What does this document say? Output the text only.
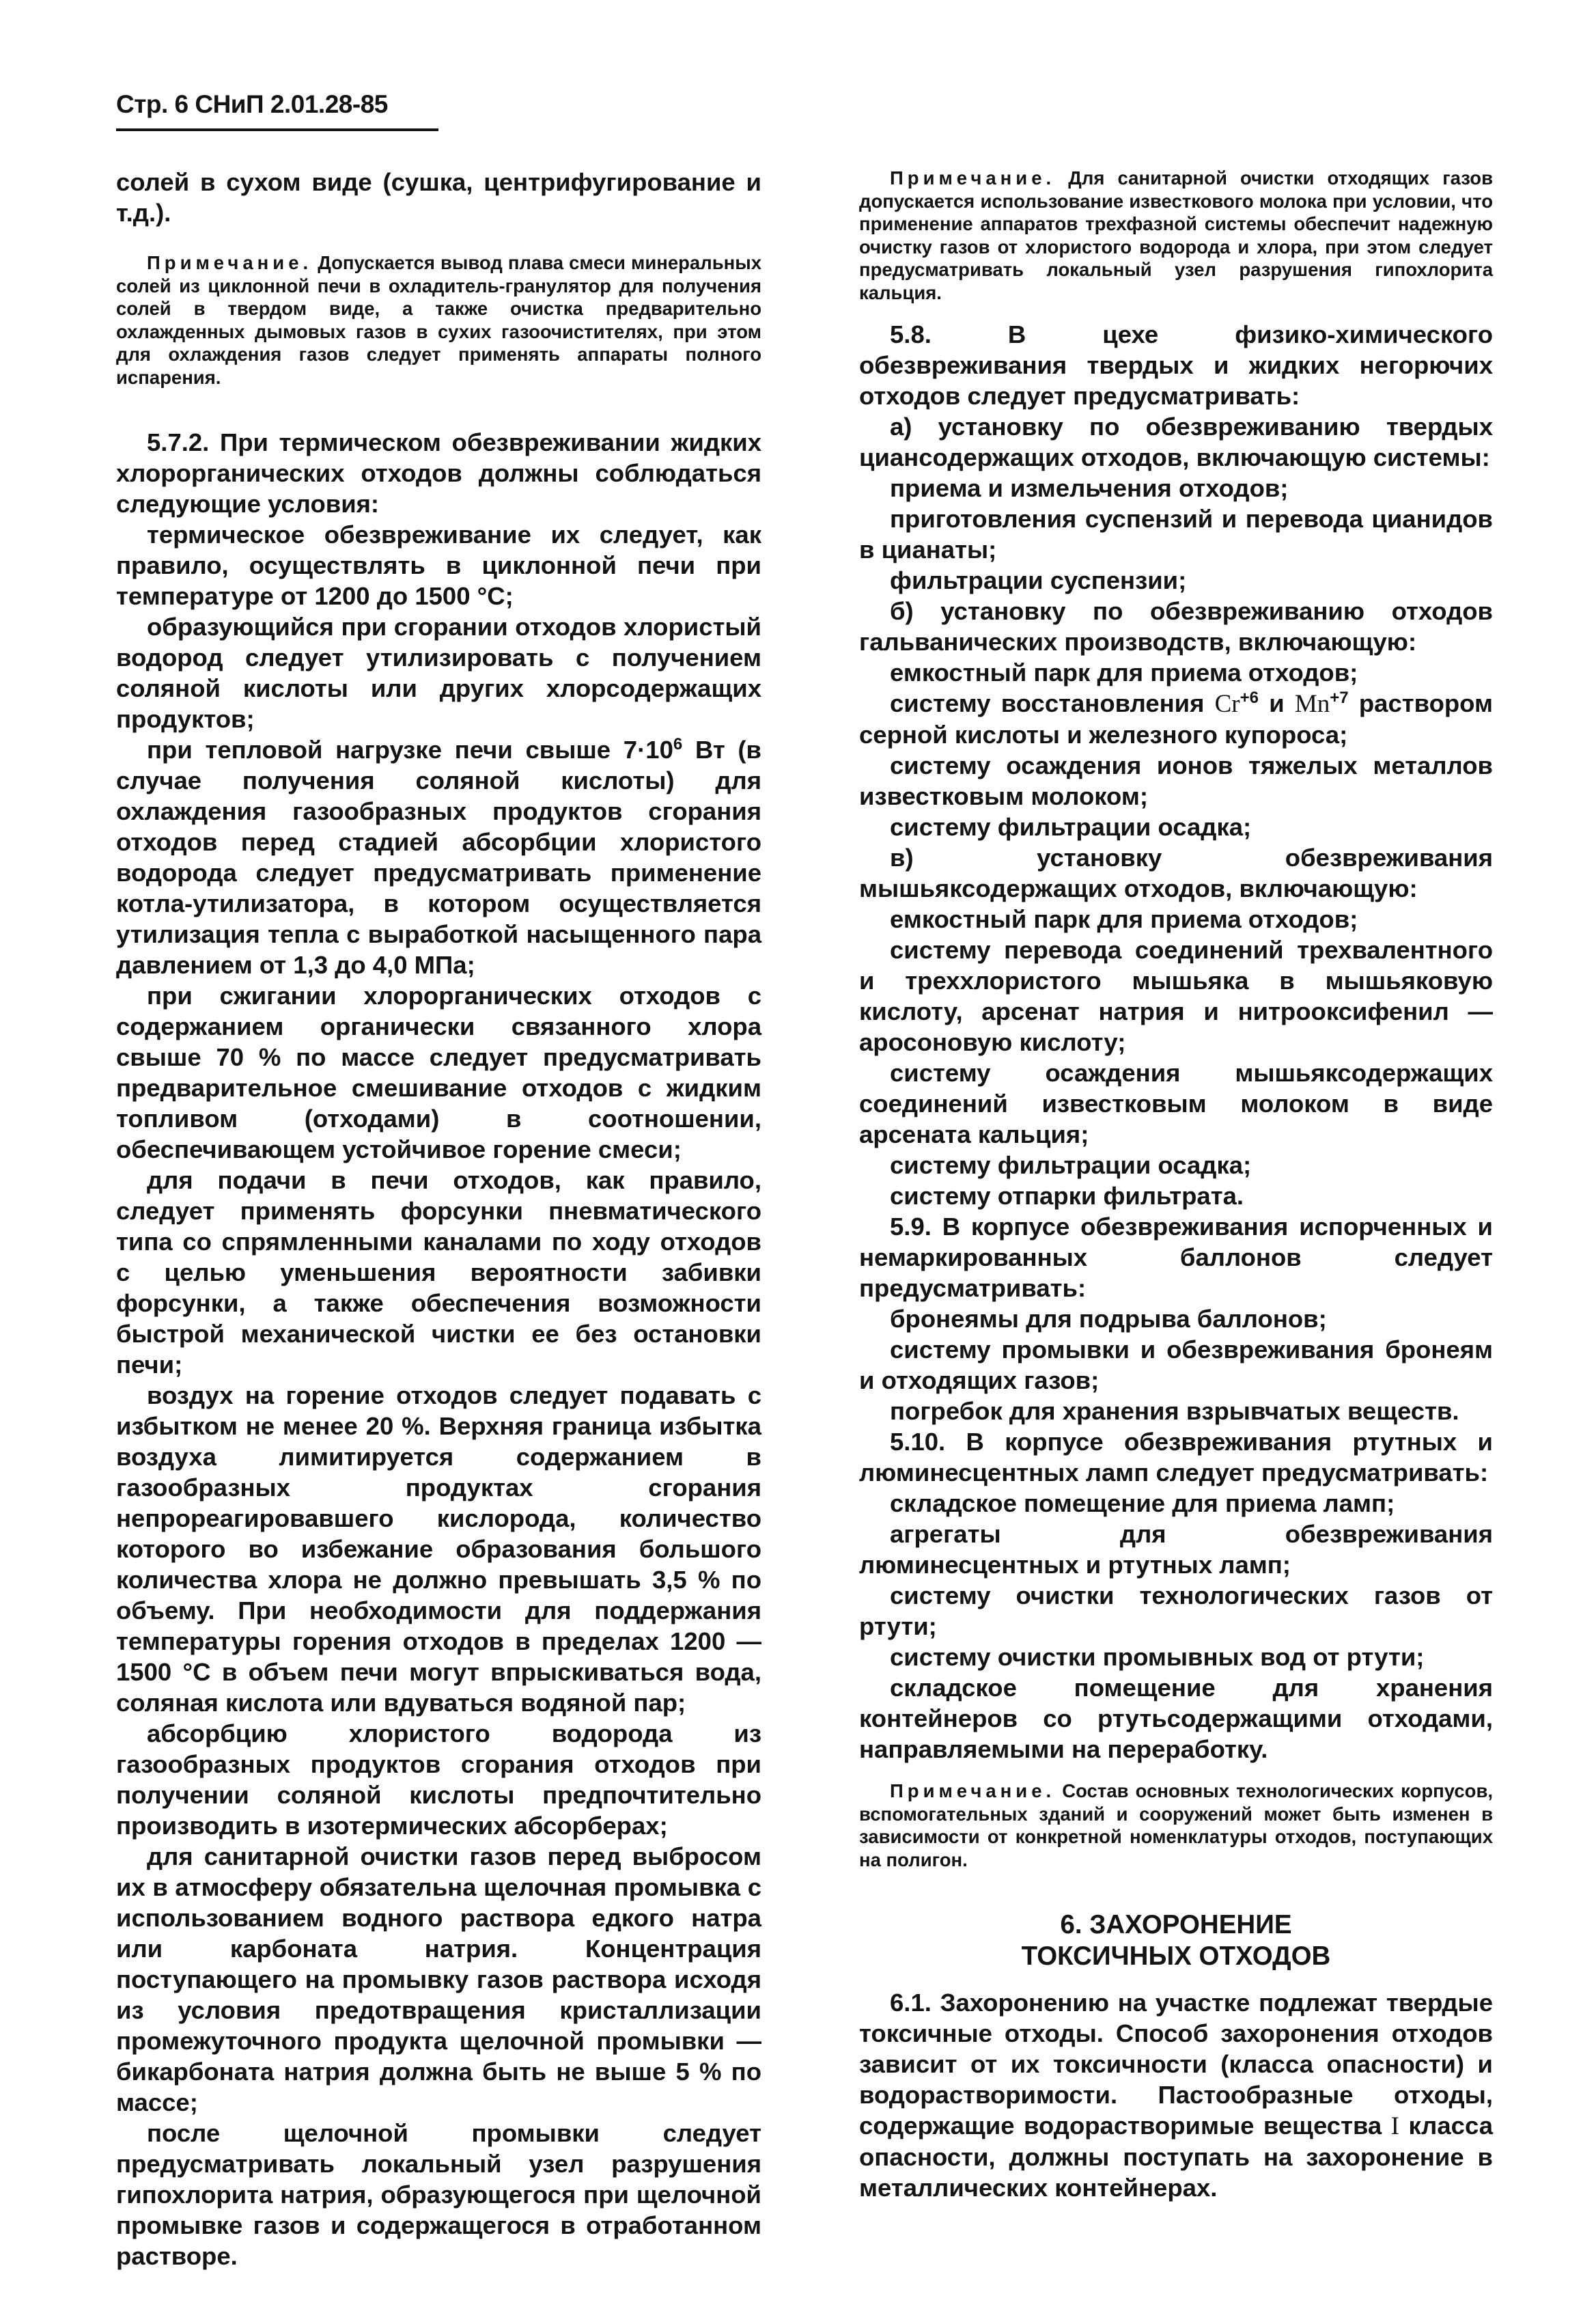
Стр. 6 СНиП 2.01.28-85

солей в сухом виде (сушка, центрифугирование и т.д.).

Примечание. Допускается вывод плава смеси минеральных солей из циклонной печи в охладитель-гранулятор для получения солей в твердом виде, а также очистка предварительно охлажденных дымовых газов в сухих газоочистителях, при этом для охлаждения газов следует применять аппараты полного испарения.

5.7.2. При термическом обезвреживании жидких хлорорганических отходов должны соблюдаться следующие условия:

термическое обезвреживание их следует, как правило, осуществлять в циклонной печи при температуре от 1200 до 1500 °С;

образующийся при сгорании отходов хлористый водород следует утилизировать с получением соляной кислоты или других хлорсодержащих продуктов;

при тепловой нагрузке печи свыше $7\cdot 10^6$ Вт (в случае получения соляной кислоты) для охлаждения газообразных продуктов сгорания отходов перед стадией абсорбции хлористого водорода следует предусматривать применение котла-утилизатора, в котором осуществляется утилизация тепла с выработкой насыщенного пара давлением от 1,3 до 4,0 МПа;

при сжигании хлорорганических отходов с содержанием органически связанного хлора свыше 70 % по массе следует предусматривать предварительное смешивание отходов с жидким топливом (отходами) в соотношении, обеспечивающем устойчивое горение смеси;

для подачи в печи отходов, как правило, следует применять форсунки пневматического типа со спрямленными каналами по ходу отходов с целью уменьшения вероятности забивки форсунки, а также обеспечения возможности быстрой механической чистки ее без остановки печи;

воздух на горение отходов следует подавать с избытком не менее 20 %. Верхняя граница избытка воздуха лимитируется содержанием в газообразных продуктах сгорания непрореагировавшего кислорода, количество которого во избежание образования большого количества хлора не должно превышать 3,5 % по объему. При необходимости для поддержания температуры горения отходов в пределах 1200 — 1500 °С в объем печи могут впрыскиваться вода, соляная кислота или вдуваться водяной пар;

абсорбцию хлористого водорода из газообразных продуктов сгорания отходов при получении соляной кислоты предпочтительно производить в изотермических абсорберах;

для санитарной очистки газов перед выбросом их в атмосферу обязательна щелочная промывка с использованием водного раствора едкого натра или карбоната натрия. Концентрация поступающего на промывку газов раствора исходя из условия предотвращения кристаллизации промежуточного продукта щелочной промывки — бикарбоната натрия должна быть не выше 5 % по массе;

после щелочной промывки следует предусматривать локальный узел разрушения гипохлорита натрия, образующегося при щелочной промывке газов и содержащегося в отработанном растворе.

Примечание. Для санитарной очистки отходящих газов допускается использование известкового молока при условии, что применение аппаратов трехфазной системы обеспечит надежную очистку газов от хлористого водорода и хлора, при этом следует предусматривать локальный узел разрушения гипохлорита кальция.

5.8. В цехе физико-химического обезвреживания твердых и жидких негорючих отходов следует предусматривать:

а) установку по обезвреживанию твердых циансодержащих отходов, включающую системы:

приема и измельчения отходов;

приготовления суспензий и перевода цианидов в цианаты;

фильтрации суспензии;

б) установку по обезвреживанию отходов гальванических производств, включающую:

емкостный парк для приема отходов;

систему восстановления $Cr^{+6}$ и $Mn^{+7}$ раствором серной кислоты и железного купороса;

систему осаждения ионов тяжелых металлов известковым молоком;

систему фильтрации осадка;

в) установку обезвреживания мышьяксодержащих отходов, включающую:

емкостный парк для приема отходов;

систему перевода соединений трехвалентного и треххлористого мышьяка в мышьяковую кислоту, арсенат натрия и нитрооксифенил — аросоновую кислоту;

систему осаждения мышьяксодержащих соединений известковым молоком в виде арсената кальция;

систему фильтрации осадка;

систему отпарки фильтрата.

5.9. В корпусе обезвреживания испорченных и немаркированных баллонов следует предусматривать:

бронеямы для подрыва баллонов;

систему промывки и обезвреживания бронеям и отходящих газов;

погребок для хранения взрывчатых веществ.

5.10. В корпусе обезвреживания ртутных и люминесцентных ламп следует предусматривать:

складское помещение для приема ламп;

агрегаты для обезвреживания люминесцентных и ртутных ламп;

систему очистки технологических газов от ртути;

систему очистки промывных вод от ртути;

складское помещение для хранения контейнеров со ртутьсодержащими отходами, направляемыми на переработку.

Примечание. Состав основных технологических корпусов, вспомогательных зданий и сооружений может быть изменен в зависимости от конкретной номенклатуры отходов, поступающих на полигон.

6. ЗАХОРОНЕНИЕ

ТОКСИЧНЫХ ОТХОДОВ

6.1. Захоронению на участке подлежат твердые токсичные отходы. Способ захоронения отходов зависит от их токсичности (класса опасности) и водорастворимости. Пастообразные отходы, содержащие водорастворимые вещества I класса опасности, должны поступать на захоронение в металлических контейнерах.
